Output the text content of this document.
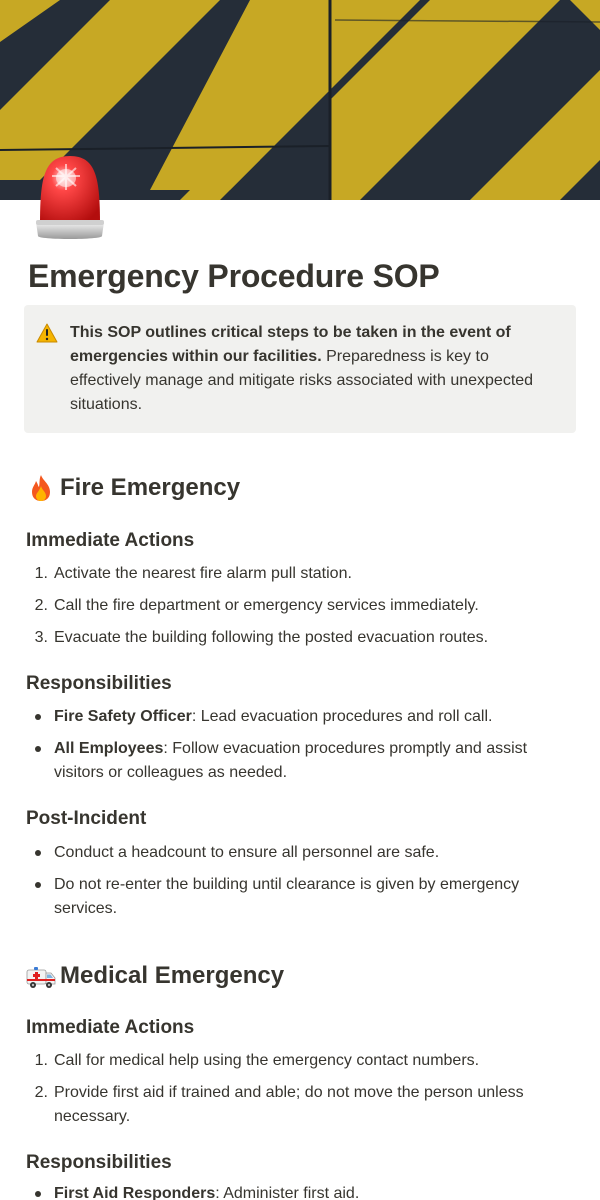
Emergency Procedure SOP
This SOP outlines critical steps to be taken in the event of emergencies within our facilities. Preparedness is key to effectively manage and mitigate risks associated with unexpected situations.
Fire Emergency
Immediate Actions
1. Activate the nearest fire alarm pull station.
2. Call the fire department or emergency services immediately.
3. Evacuate the building following the posted evacuation routes.
Responsibilities
Fire Safety Officer: Lead evacuation procedures and roll call.
All Employees: Follow evacuation procedures promptly and assist visitors or colleagues as needed.
Post-Incident
Conduct a headcount to ensure all personnel are safe.
Do not re-enter the building until clearance is given by emergency services.
Medical Emergency
Immediate Actions
1. Call for medical help using the emergency contact numbers.
2. Provide first aid if trained and able; do not move the person unless necessary.
Responsibilities
First Aid Responders: Administer first aid.
